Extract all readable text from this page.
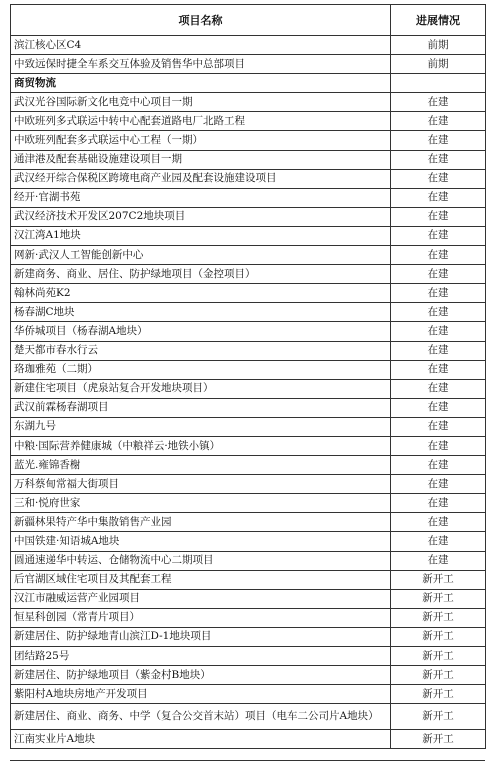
项目名称	进展情况
滨江核心区C4	前期
中致远保时捷全车系交互体验及销售华中总部项目	前期
商贸物流	
武汉光谷国际新文化电竞中心项目一期	在建
中欧班列多式联运中转中心配套道路电厂北路工程	在建
中欧班列配套多式联运中心工程（一期）	在建
通津港及配套基础设施建设项目一期	在建
武汉经开综合保税区跨境电商产业园及配套设施建设项目	在建
经开·官湖书苑	在建
武汉经济技术开发区207C2地块项目	在建
汉江湾A1地块	在建
网新·武汉人工智能创新中心	在建
新建商务、商业、居住、防护绿地项目（金控项目）	在建
翰林尚苑K2	在建
杨春湖C地块	在建
华侨城项目（杨春湖A地块）	在建
楚天都市春水行云	在建
珞珈雅苑（二期）	在建
新建住宅项目（虎泉站复合开发地块项目）	在建
武汉前霖杨春湖项目	在建
东湖九号	在建
中粮·国际营养健康城（中粮祥云·地铁小镇）	在建
蓝光.雍锦香榭	在建
万科蔡甸常福大街项目	在建
三和·悦府世家	在建
新疆林果特产华中集散销售产业园	在建
中国铁建·知语城A地块	在建
圆通速递华中转运、仓储物流中心二期项目	在建
后官湖区域住宅项目及其配套工程	新开工
汉江市融威运营产业园项目	新开工
恒星科创园（常青片项目）	新开工
新建居住、防护绿地青山滨江D-1地块项目	新开工
团结路25号	新开工
新建居住、防护绿地项目（紫金村B地块）	新开工
紫阳村A地块房地产开发项目	新开工
新建居住、商业、商务、中学（复合公交首末站）项目（电车二公司片A地块）	新开工
江南实业片A地块	新开工
